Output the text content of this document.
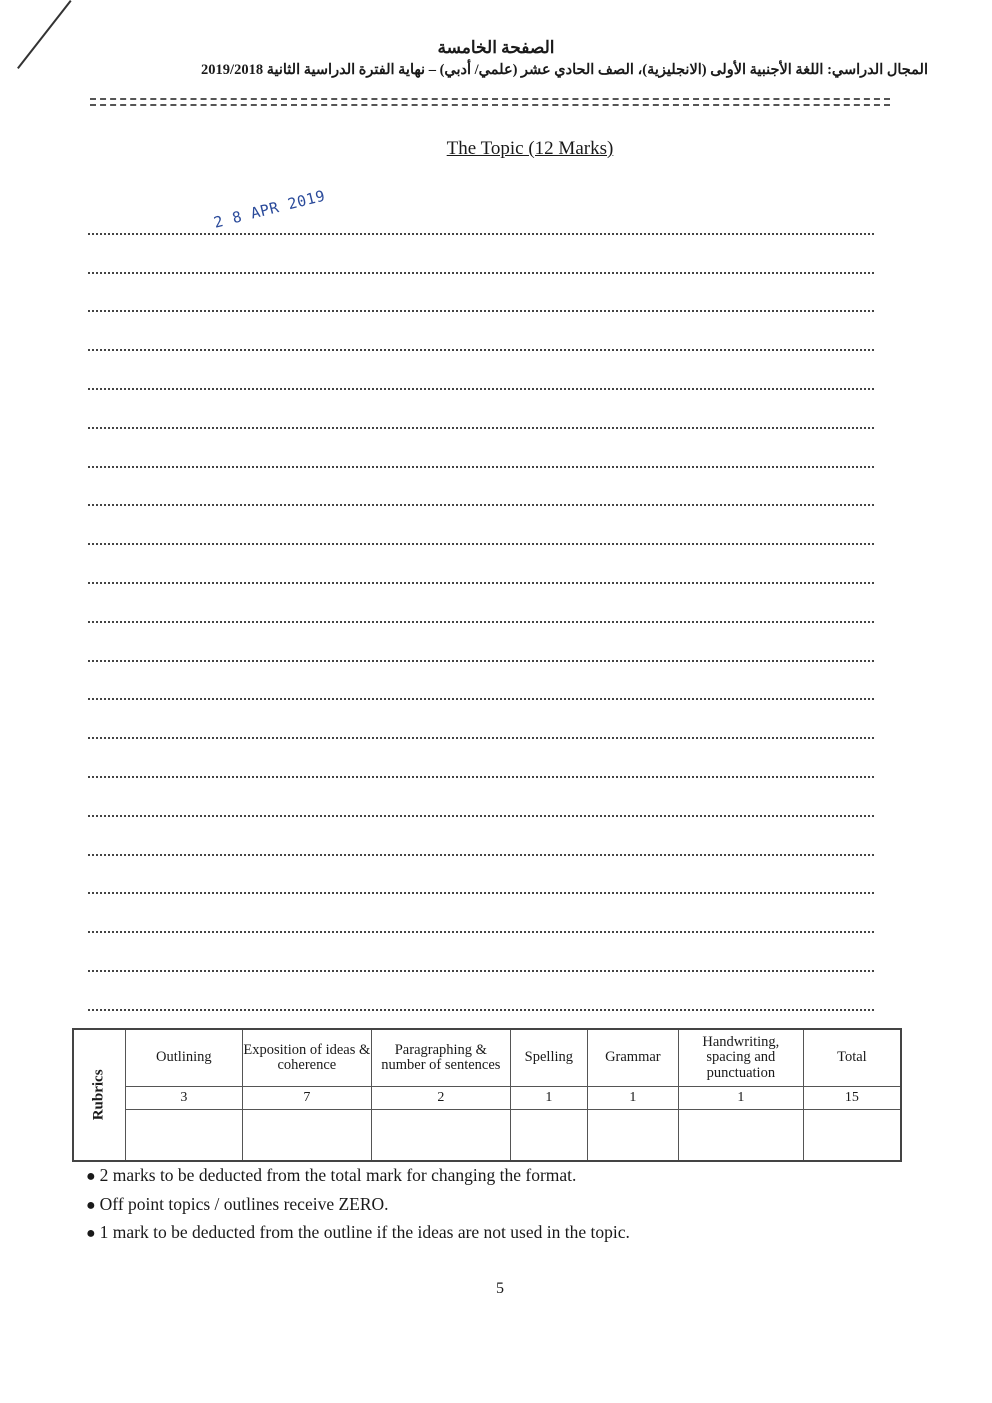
الصفحة الخامسة
المجال الدراسي: اللغة الأجنبية الأولى (الانجليزية)، الصف الحادي عشر (علمي/ أدبي) – نهاية الفترة الدراسية الثانية 2019/2018
The Topic (12 Marks)
2 8 APR 2019
Rubrics	Outlining	Exposition of ideas & coherence	Paragraphing & number of sentences	Spelling	Grammar	Handwriting, spacing and punctuation	Total
	3	7	2	1	1	1	15

● 2 marks to be deducted from the total mark for changing the format.
● Off point topics / outlines receive ZERO.
● 1 mark to be deducted from the outline if the ideas are not used in the topic.
5
